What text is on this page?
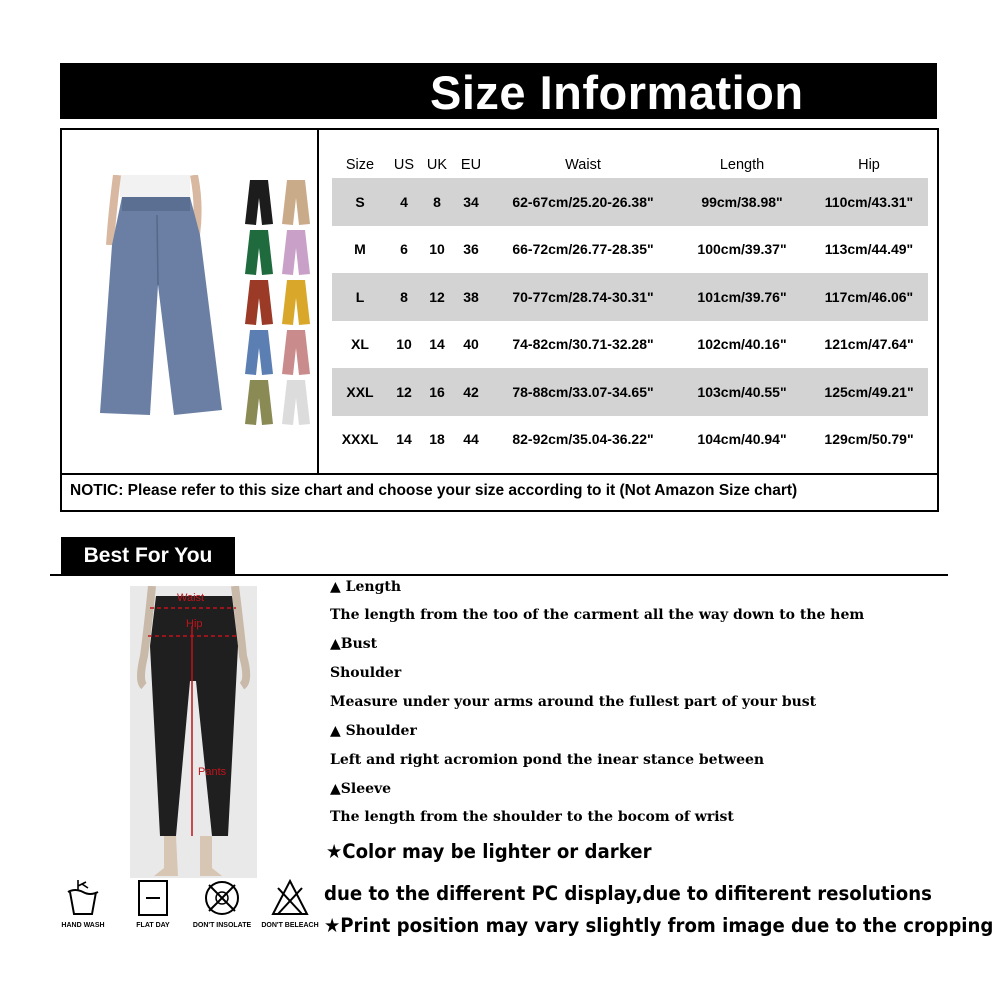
Size Information
Size	US UK EU	Waist	Length	Hip
S	4	8	34	62-67cm/25.20-26.38"	99cm/38.98"	110cm/43.31"
M	6	10	36	66-72cm/26.77-28.35"	100cm/39.37"	113cm/44.49"
L	8	12	38	70-77cm/28.74-30.31"	101cm/39.76"	117cm/46.06"
XL	10	14	40	74-82cm/30.71-32.28"	102cm/40.16"	121cm/47.64"
XXL	12	16	42	78-88cm/33.07-34.65"	103cm/40.55"	125cm/49.21"
XXXL	14	18	44	82-92cm/35.04-36.22"	104cm/40.94"	129cm/50.79"
NOTIC: Please refer to this size chart and choose your size according to it (Not Amazon Size chart)
Best For You
Waist
Hip
Pants
HAND WASH	FLAT DAY	DON'T INSOLATE	DON'T BELEACH
▲ Length
The length from the too of the carment all the way down to the hem
▲Bust
Shoulder
Measure under your arms around the fullest part of your bust
▲ Shoulder
Left and right acromion pond the inear stance between
▲Sleeve
The length from the shoulder to the bocom of wrist
★Color may be lighter or darker
due to the different PC display,due to difiterent resolutions
★Print position may vary slightly from image due to the cropping
